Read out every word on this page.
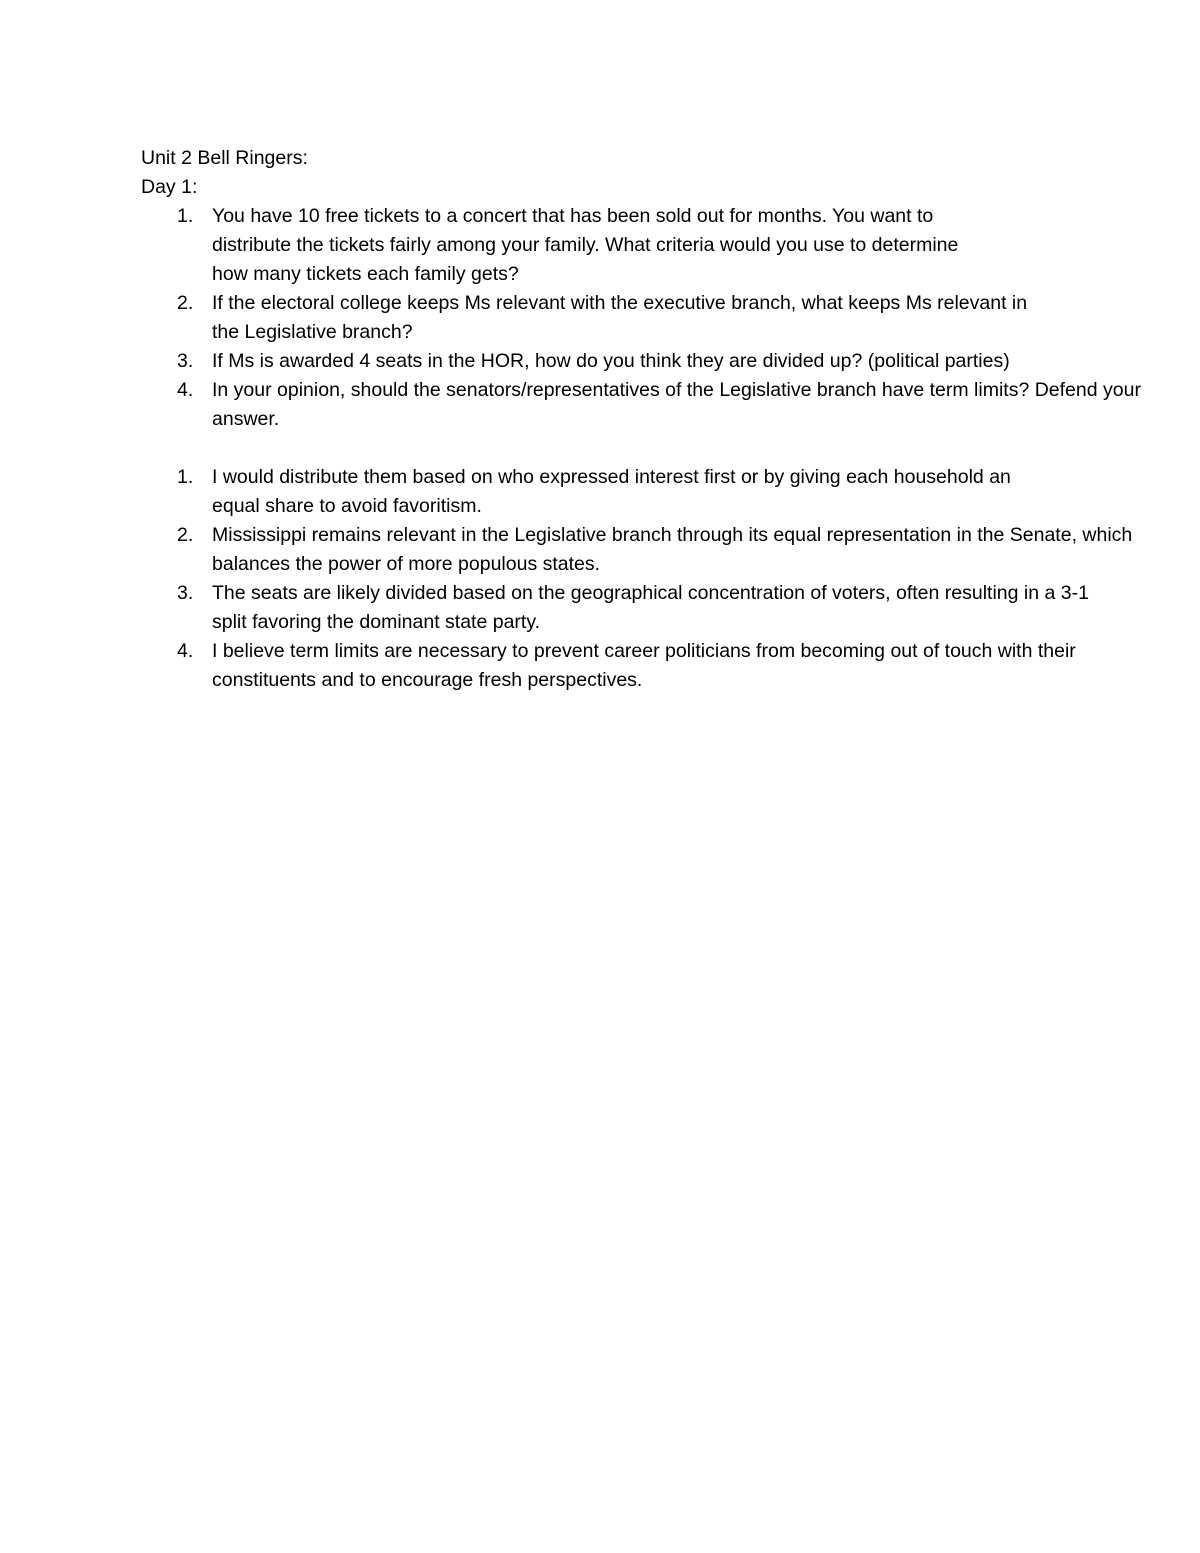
Unit 2 Bell Ringers:

Day 1:

1. You have 10 free tickets to a concert that has been sold out for months. You want to distribute the tickets fairly among your family. What criteria would you use to determine how many tickets each family gets?
2. If the electoral college keeps Ms relevant with the executive branch, what keeps Ms relevant in the Legislative branch?
3. If Ms is awarded 4 seats in the HOR, how do you think they are divided up? (political parties)
4. In your opinion, should the senators/representatives of the Legislative branch have term limits? Defend your answer.
1. I would distribute them based on who expressed interest first or by giving each household an equal share to avoid favoritism.
2. Mississippi remains relevant in the Legislative branch through its equal representation in the Senate, which balances the power of more populous states.
3. The seats are likely divided based on the geographical concentration of voters, often resulting in a 3-1 split favoring the dominant state party.
4. I believe term limits are necessary to prevent career politicians from becoming out of touch with their constituents and to encourage fresh perspectives.
